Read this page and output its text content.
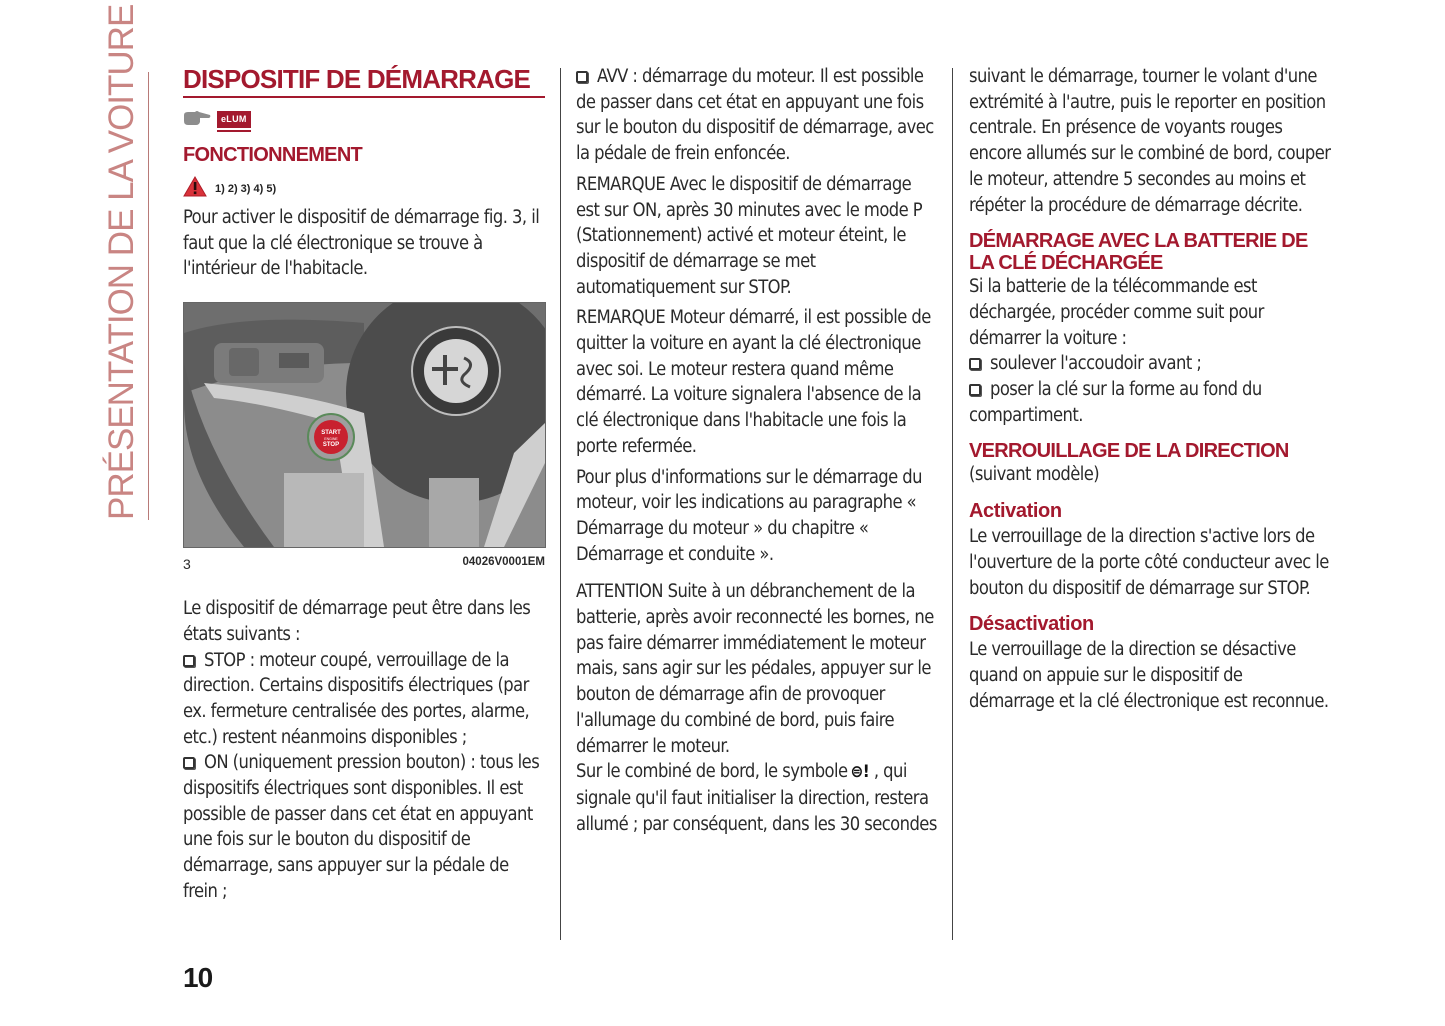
PRÉSENTATION DE LA VOITURE DISPOSITIF DE DÉMARRAGE
eLUM
FONCTIONNEMENT
1) 2) 3) 4) 5)

Pour activer le dispositif de démarrage fig. 3, il faut que la clé électronique se trouve à l'intérieur de l'habitacle.

START
ENGINE
STOP
3	04026V0001EM

Le dispositif de démarrage peut être dans les états suivants :

STOP : moteur coupé, verrouillage de la direction. Certains dispositifs électriques (par ex. fermeture centralisée des portes, alarme, etc.) restent néanmoins disponibles ;
ON (uniquement pression bouton) : tous les dispositifs électriques sont disponibles. Il est possible de passer dans cet état en appuyant une fois sur le bouton du dispositif de démarrage, sans appuyer sur la pédale de frein ;
AVV : démarrage du moteur. Il est possible de passer dans cet état en appuyant une fois sur le bouton du dispositif de démarrage, avec la pédale de frein enfoncée.

REMARQUE Avec le dispositif de démarrage est sur ON, après 30 minutes avec le mode P (Stationnement) activé et moteur éteint, le dispositif de démarrage se met automatiquement sur STOP.

REMARQUE Moteur démarré, il est possible de quitter la voiture en ayant la clé électronique avec soi. Le moteur restera quand même démarré. La voiture signalera l'absence de la clé électronique dans l'habitacle une fois la porte refermée.

Pour plus d'informations sur le démarrage du moteur, voir les indications au paragraphe « Démarrage du moteur » du chapitre « Démarrage et conduite ».

ATTENTION Suite à un débranchement de la batterie, après avoir reconnecté les bornes, ne pas faire démarrer immédiatement le moteur mais, sans agir sur les pédales, appuyer sur le bouton de démarrage afin de provoquer l'allumage du combiné de bord, puis faire démarrer le moteur.

Sur le combiné de bord, le symbole ⊜! , qui signale qu'il faut initialiser la direction, restera allumé ; par conséquent, dans les 30 secondes

suivant le démarrage, tourner le volant d'une extrémité à l'autre, puis le reporter en position centrale. En présence de voyants rouges encore allumés sur le combiné de bord, couper le moteur, attendre 5 secondes au moins et répéter la procédure de démarrage décrite.

DÉMARRAGE AVEC LA BATTERIE DE LA CLÉ DÉCHARGÉE

Si la batterie de la télécommande est déchargée, procéder comme suit pour démarrer la voiture :

soulever l'accoudoir avant ;
poser la clé sur la forme au fond du compartiment.
VERROUILLAGE DE LA DIRECTION

(suivant modèle)

Activation

Le verrouillage de la direction s'active lors de l'ouverture de la porte côté conducteur avec le bouton du dispositif de démarrage sur STOP.

Désactivation

Le verrouillage de la direction se désactive quand on appuie sur le dispositif de démarrage et la clé électronique est reconnue.

10
